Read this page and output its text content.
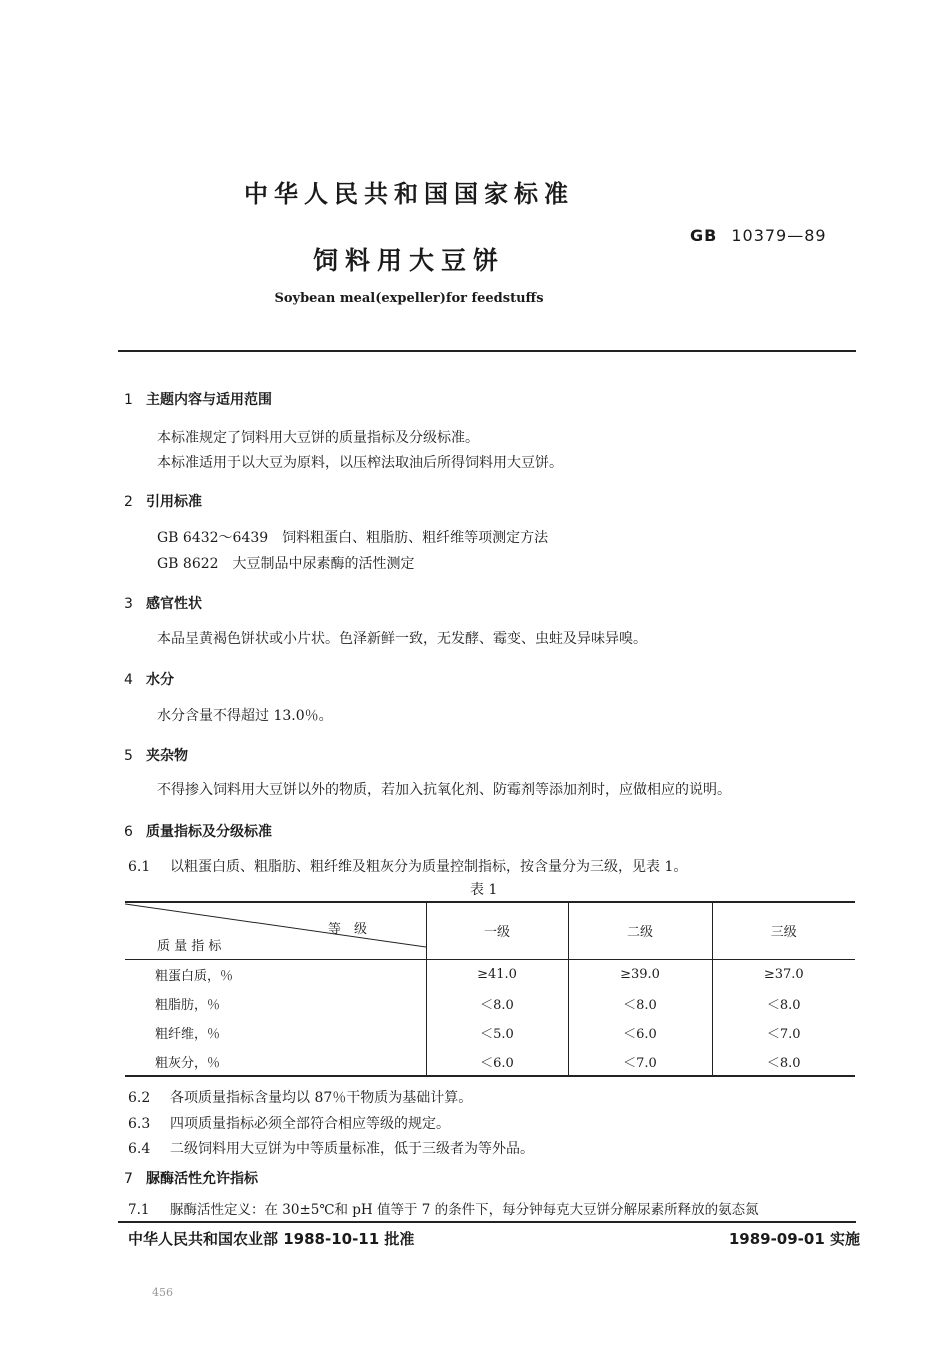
中华人民共和国国家标准
GB 10379—89
饲料用大豆饼
Soybean meal(expeller)for feedstuffs
1 主题内容与适用范围
本标准规定了饲料用大豆饼的质量指标及分级标准。
本标准适用于以大豆为原料，以压榨法取油后所得饲料用大豆饼。
2 引用标准
GB 6432～6439　饲料粗蛋白、粗脂肪、粗纤维等项测定方法
GB 8622　大豆制品中尿素酶的活性测定
3 感官性状
本品呈黄褐色饼状或小片状。色泽新鲜一致，无发酵、霉变、虫蛀及异味异嗅。
4 水分
水分含量不得超过 13.0％。
5 夹杂物
不得掺入饲料用大豆饼以外的物质，若加入抗氧化剂、防霉剂等添加剂时，应做相应的说明。
6 质量指标及分级标准
6.1 以粗蛋白质、粗脂肪、粗纤维及粗灰分为质量控制指标，按含量分为三级，见表 1。
表 1
等　级
质 量 指 标	一级	二级	三级
粗蛋白质，％	≥41.0	≥39.0	≥37.0
粗脂肪，％	＜8.0	＜8.0	＜8.0
粗纤维，％	＜5.0	＜6.0	＜7.0
粗灰分，％	＜6.0	＜7.0	＜8.0
6.2 各项质量指标含量均以 87％干物质为基础计算。
6.3 四项质量指标必须全部符合相应等级的规定。
6.4 二级饲料用大豆饼为中等质量标准，低于三级者为等外品。
7 脲酶活性允许指标
7.1 脲酶活性定义：在 30±5℃和 pH 值等于 7 的条件下，每分钟每克大豆饼分解尿素所释放的氨态氮
中华人民共和国农业部 1988-10-11 批准	1989-09-01 实施
456
